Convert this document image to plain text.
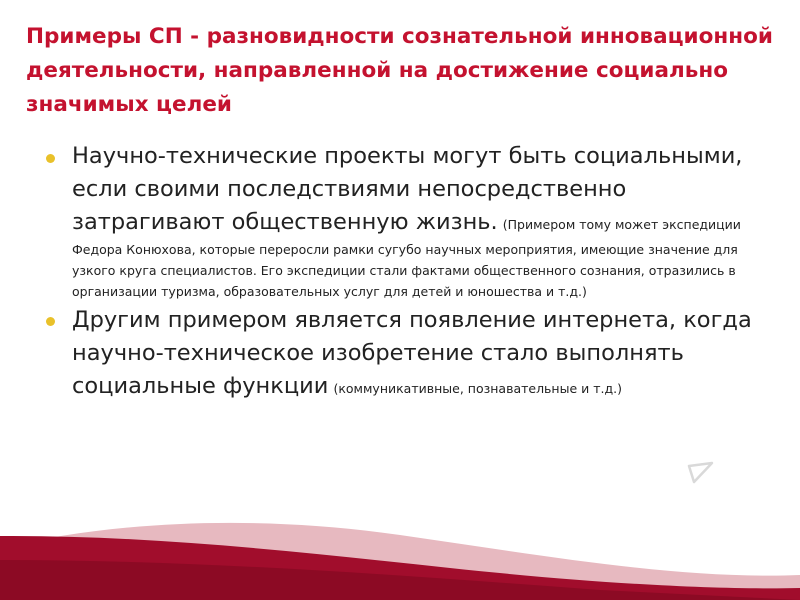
Примеры СП - разновидности сознательной инновационной деятельности, направленной на достижение социально значимых целей
Научно-технические проекты могут быть социальными, если своими последствиями непосредственно затрагивают общественную жизнь. (Примером тому может экспедиции Федора Конюхова, которые переросли рамки сугубо научных мероприятия, имеющие значение для узкого круга специалистов. Его экспедиции стали фактами общественного сознания, отразились в организации туризма, образовательных услуг для детей и юношества и т.д.)
Другим примером является появление интернета, когда научно-техническое изобретение стало выполнять социальные функции (коммуникативные, познавательные и т.д.)
